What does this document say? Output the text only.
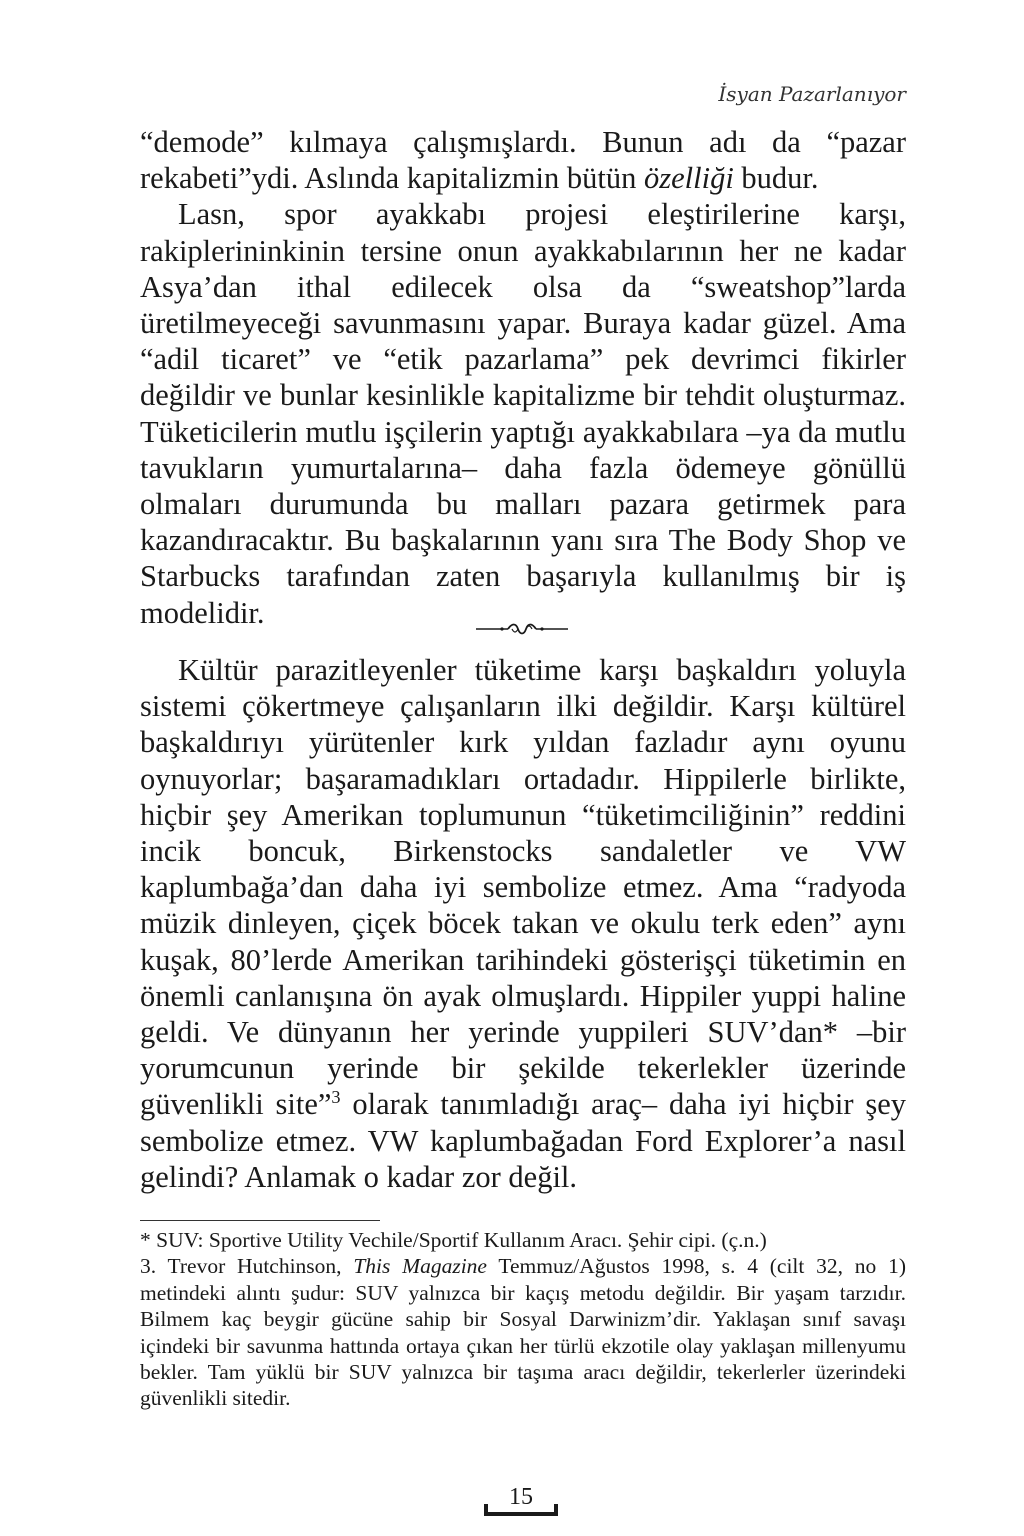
İsyan Pazarlanıyor

“demode” kılmaya çalışmışlardı. Bunun adı da “pazar rekabeti”ydi. Aslında kapitalizmin bütün özelliği budur.

Lasn, spor ayakkabı projesi eleştirilerine karşı, rakiplerininkinin tersine onun ayakkabılarının her ne kadar Asya’dan ithal edilecek olsa da “sweatshop”larda üretilmeyeceği savunmasını yapar. Buraya kadar güzel. Ama “adil ticaret” ve “etik pazarlama” pek devrimci fikirler değildir ve bunlar kesinlikle kapitalizme bir tehdit oluşturmaz. Tüketicilerin mutlu işçilerin yaptığı ayakkabılara –ya da mutlu tavukların yumurtalarına– daha fazla ödemeye gönüllü olmaları durumunda bu malları pazara getirmek para kazandıracaktır. Bu başkalarının yanı sıra The Body Shop ve Starbucks tarafından zaten başarıyla kullanılmış bir iş modelidir.

Kültür parazitleyenler tüketime karşı başkaldırı yoluyla sistemi çökertmeye çalışanların ilki değildir. Karşı kültürel başkaldırıyı yürütenler kırk yıldan fazladır aynı oyunu oynuyorlar; başaramadıkları ortadadır. Hippilerle birlikte, hiçbir şey Amerikan toplumunun “tüketimciliğinin” reddini incik boncuk, Birkenstocks sandaletler ve VW kaplumbağa’dan daha iyi sembolize etmez. Ama “radyoda müzik dinleyen, çiçek böcek takan ve okulu terk eden” aynı kuşak, 80’lerde Amerikan tarihindeki gösterişçi tüketimin en önemli canlanışına ön ayak olmuşlardı. Hippiler yuppi haline geldi. Ve dünyanın her yerinde yuppileri SUV’dan* –bir yorumcunun yerinde bir şekilde tekerlekler üzerinde güvenlikli site”$^3$ olarak tanımladığı araç– daha iyi hiçbir şey sembolize etmez. VW kaplumbağadan Ford Explorer’a nasıl gelindi? Anlamak o kadar zor değil.

* SUV: Sportive Utility Vechile/Sportif Kullanım Aracı. Şehir cipi. (ç.n.)

3. Trevor Hutchinson, This Magazine Temmuz/Ağustos 1998, s. 4 (cilt 32, no 1) metindeki alıntı şudur: SUV yalnızca bir kaçış metodu değildir. Bir yaşam tarzıdır. Bilmem kaç beygir gücüne sahip bir Sosyal Darwinizm’dir. Yaklaşan sınıf savaşı içindeki bir savunma hattında ortaya çıkan her türlü ekzotile olay yaklaşan millenyumu bekler. Tam yüklü bir SUV yalnızca bir taşıma aracı değildir, tekerlerler üzerindeki güvenlikli sitedir.

15
